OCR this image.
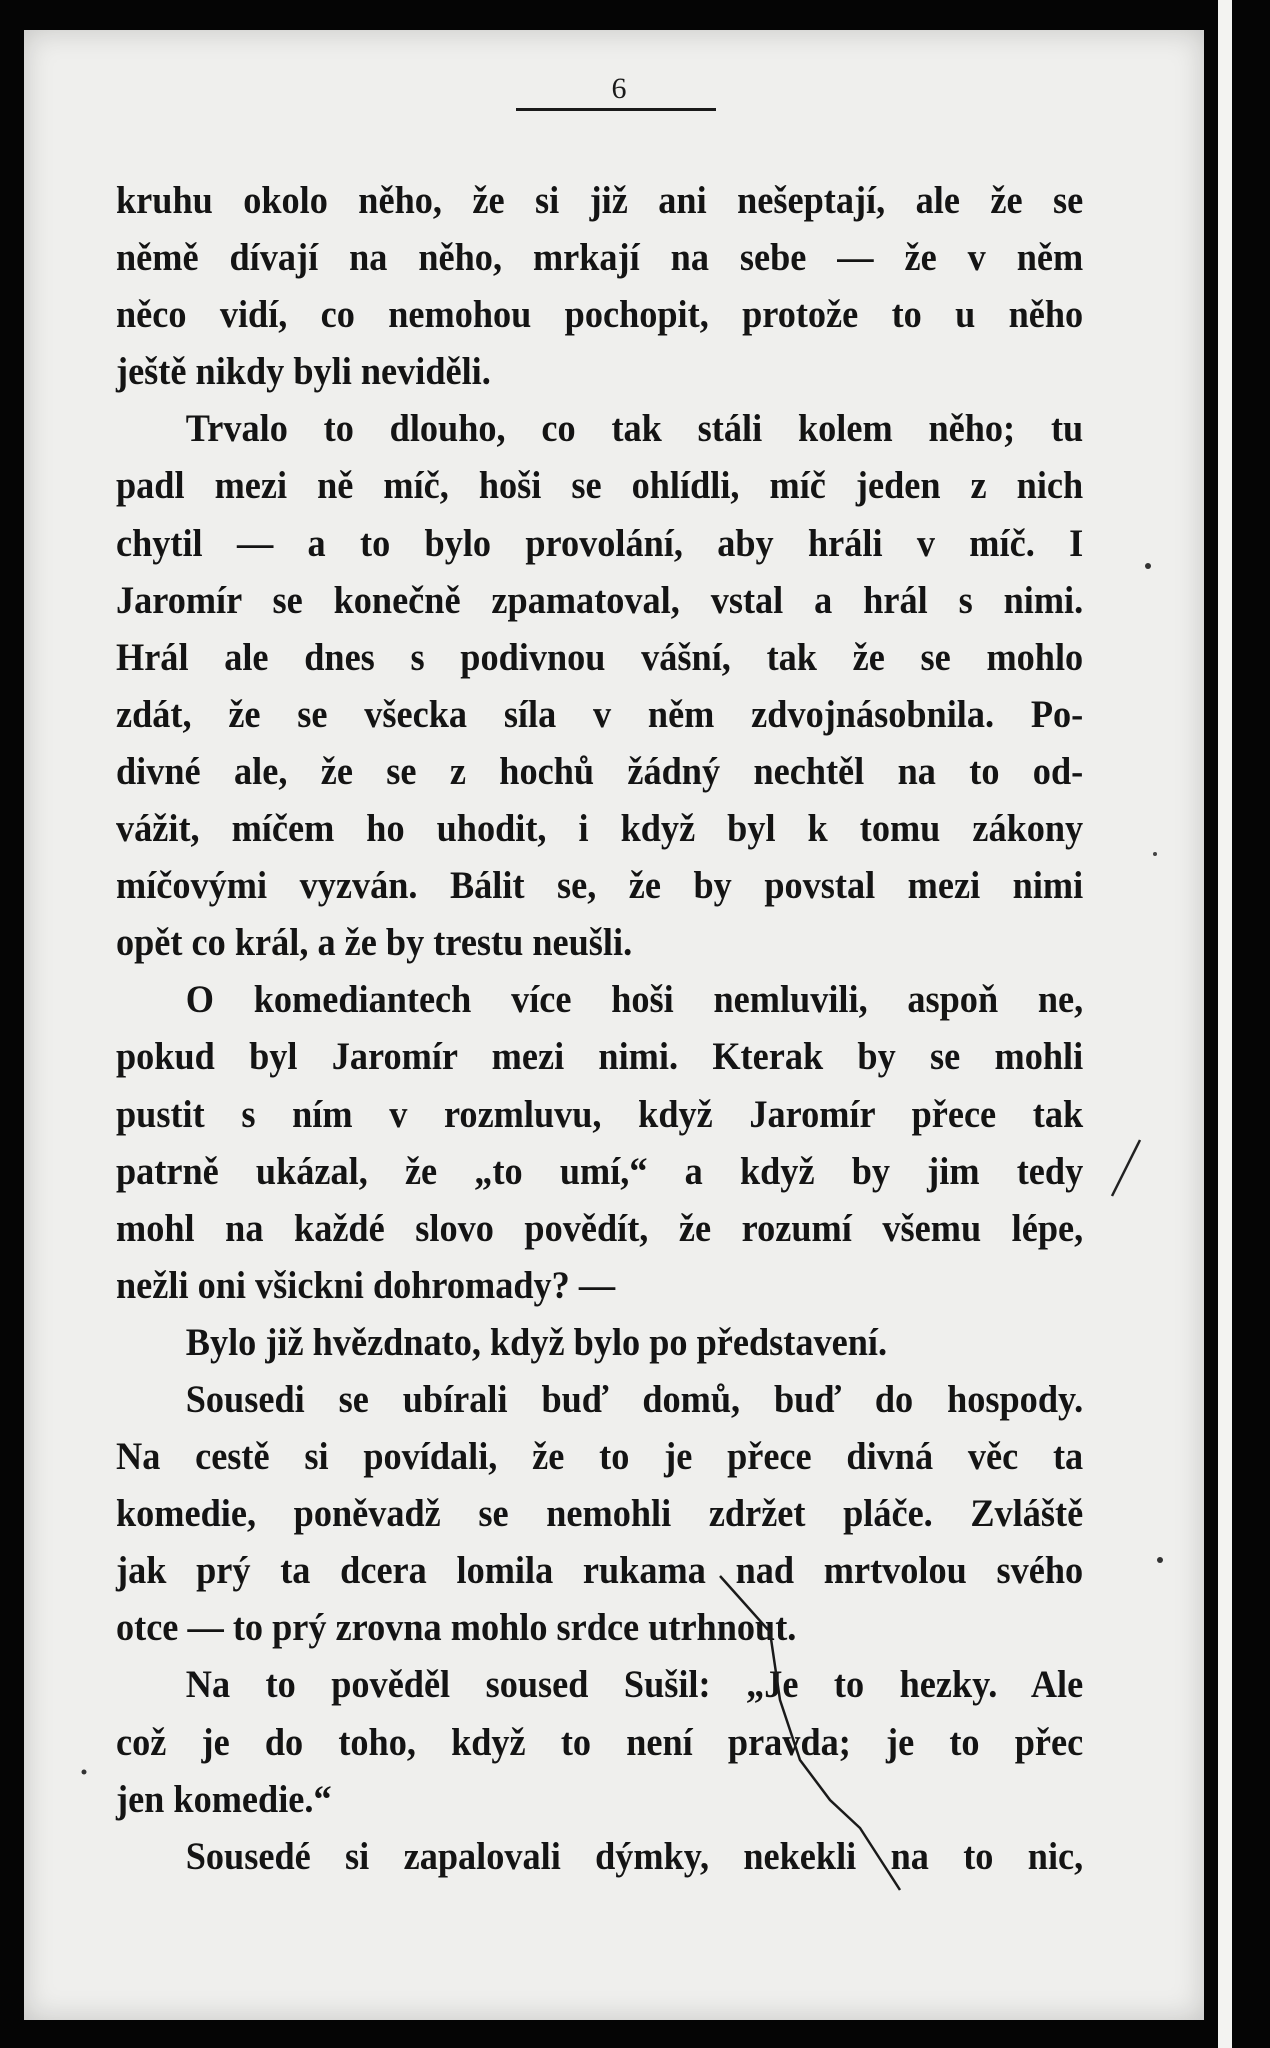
6
kruhu okolo něho, že si již ani nešeptají, ale že se
němě dívají na něho, mrkají na sebe — že v něm
něco vidí, co nemohou pochopit, protože to u něho
ještě nikdy byli neviděli.
Trvalo to dlouho, co tak stáli kolem něho; tu
padl mezi ně míč, hoši se ohlídli, míč jeden z nich
chytil — a to bylo provolání, aby hráli v míč. I
Jaromír se konečně zpamatoval, vstal a hrál s nimi.
Hrál ale dnes s podivnou vášní, tak že se mohlo
zdát, že se všecka síla v něm zdvojnásobnila. Po-
divné ale, že se z hochů žádný nechtěl na to od-
vážit, míčem ho uhodit, i když byl k tomu zákony
míčovými vyzván. Bálit se, že by povstal mezi nimi
opět co král, a že by trestu neušli.
O komediantech více hoši nemluvili, aspoň ne,
pokud byl Jaromír mezi nimi. Kterak by se mohli
pustit s ním v rozmluvu, když Jaromír přece tak
patrně ukázal, že „to umí,“ a když by jim tedy
mohl na každé slovo povědít, že rozumí všemu lépe,
nežli oni všickni dohromady? —
Bylo již hvězdnato, když bylo po představení.
Sousedi se ubírali buď domů, buď do hospody.
Na cestě si povídali, že to je přece divná věc ta
komedie, poněvadž se nemohli zdržet pláče. Zvláště
jak prý ta dcera lomila rukama nad mrtvolou svého
otce — to prý zrovna mohlo srdce utrhnout.
Na to pověděl soused Sušil: „Je to hezky. Ale
což je do toho, když to není pravda; je to přec
jen komedie.“
Sousedé si zapalovali dýmky, nekekli na to nic,
